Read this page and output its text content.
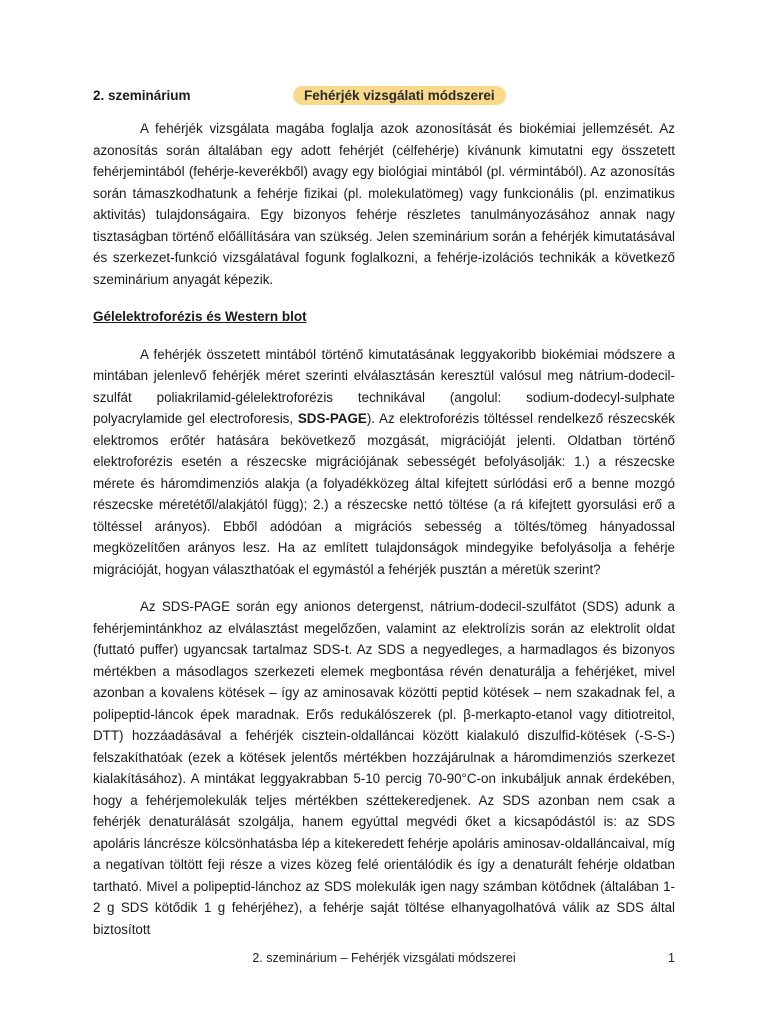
2. szeminárium	Fehérjék vizsgálati módszerei

A fehérjék vizsgálata magába foglalja azok azonosítását és biokémiai jellemzését. Az azonosítás során általában egy adott fehérjét (célfehérje) kívánunk kimutatni egy összetett fehérjemintából (fehérje-keverékből) avagy egy biológiai mintából (pl. vérmintából). Az azonosítás során támaszkodhatunk a fehérje fizikai (pl. molekulatömeg) vagy funkcionális (pl. enzimatikus aktivitás) tulajdonságaira. Egy bizonyos fehérje részletes tanulmányozásához annak nagy tisztaságban történő előállítására van szükség. Jelen szeminárium során a fehérjék kimutatásával és szerkezet-funkció vizsgálatával fogunk foglalkozni, a fehérje-izolációs technikák a következő szeminárium anyagát képezik.

Gélelektroforézis és Western blot

A fehérjék összetett mintából történő kimutatásának leggyakoribb biokémiai módszere a mintában jelenlevő fehérjék méret szerinti elválasztásán keresztül valósul meg nátrium-dodecil-szulfát poliakrilamid-gélelektroforézis technikával (angolul: sodium-dodecyl-sulphate polyacrylamide gel electroforesis, SDS-PAGE). Az elektroforézis töltéssel rendelkező részecskék elektromos erőtér hatására bekövetkező mozgását, migrációját jelenti. Oldatban történő elektroforézis esetén a részecske migrációjának sebességét befolyásolják: 1.) a részecske mérete és háromdimenziós alakja (a folyadékközeg által kifejtett súrlódási erő a benne mozgó részecske méretétől/alakjától függ); 2.) a részecske nettó töltése (a rá kifejtett gyorsulási erő a töltéssel arányos). Ebből adódóan a migrációs sebesség a töltés/tömeg hányadossal megközelítően arányos lesz. Ha az említett tulajdonságok mindegyike befolyásolja a fehérje migrációját, hogyan választhatóak el egymástól a fehérjék pusztán a méretük szerint?

Az SDS-PAGE során egy anionos detergenst, nátrium-dodecil-szulfátot (SDS) adunk a fehérjemintánkhoz az elválasztást megelőzően, valamint az elektrolízis során az elektrolit oldat (futtató puffer) ugyancsak tartalmaz SDS-t. Az SDS a negyedleges, a harmadlagos és bizonyos mértékben a másodlagos szerkezeti elemek megbontása révén denaturálja a fehérjéket, mivel azonban a kovalens kötések – így az aminosavak közötti peptid kötések – nem szakadnak fel, a polipeptid-láncok épek maradnak. Erős redukálószerek (pl. β-merkapto-etanol vagy ditiotreitol, DTT) hozzáadásával a fehérjék cisztein-oldalláncai között kialakuló diszulfid-kötések (-S-S-) felszakíthatóak (ezek a kötések jelentős mértékben hozzájárulnak a háromdimenziós szerkezet kialakításához). A mintákat leggyakrabban 5-10 percig 70-90°C-on inkubáljuk annak érdekében, hogy a fehérjemolekulák teljes mértékben széttekeredjenek. Az SDS azonban nem csak a fehérjék denaturálását szolgálja, hanem egyúttal megvédi őket a kicsapódástól is: az SDS apoláris láncrésze kölcsönhatásba lép a kitekeredett fehérje apoláris aminosav-oldalláncaival, míg a negatívan töltött feji része a vizes közeg felé orientálódik és így a denaturált fehérje oldatban tartható. Mivel a polipeptid-lánchoz az SDS molekulák igen nagy számban kötődnek (általában 1-2 g SDS kötődik 1 g fehérjéhez), a fehérje saját töltése elhanyagolhatóvá válik az SDS által biztosított

2. szeminárium – Fehérjék vizsgálati módszerei	1
